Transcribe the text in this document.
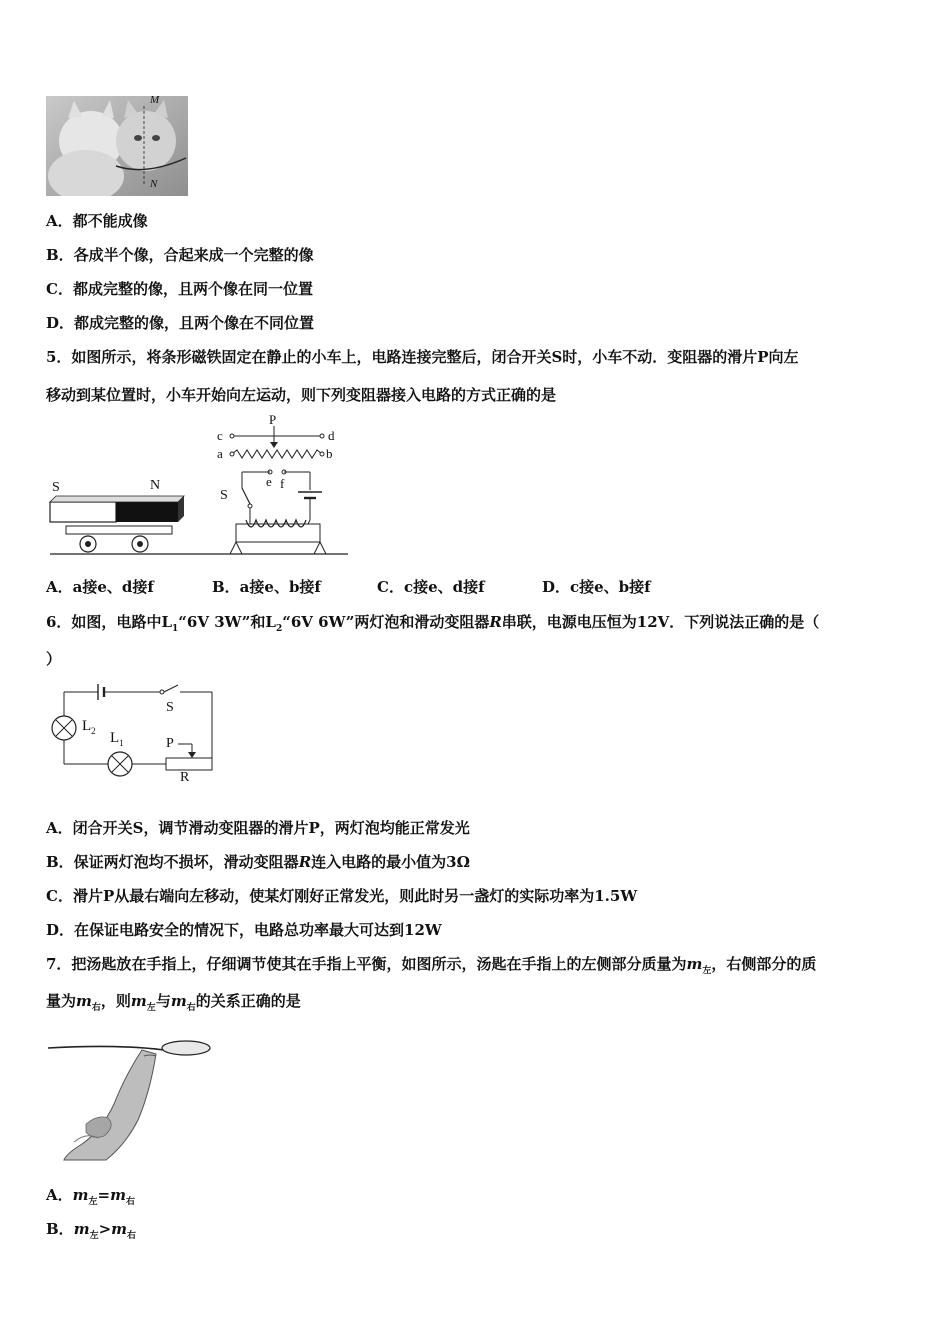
M
N
A．都不能成像
B．各成半个像，合起来成一个完整的像
C．都成完整的像，且两个像在同一位置
D．都成完整的像，且两个像在不同位置
5．如图所示，将条形磁铁固定在静止的小车上，电路连接完整后，闭合开关S时，小车不动．变阻器的滑片P向左
移动到某位置时，小车开始向左运动，则下列变阻器接入电路的方式正确的是
S	N
c	d
a	b
P
e f
S
A．a接e、d接f	B．a接e、b接f	C．c接e、d接f	D．c接e、b接f
6．如图，电路中$L_1“6V$ 3W”和$L_2“6V$ 6W”两灯泡和滑动变阻器R串联，电源电压恒为12V．下列说法正确的是（
）
$L_2$ $L_1$
S
P
R
A．闭合开关S，调节滑动变阻器的滑片P，两灯泡均能正常发光
B．保证两灯泡均不损坏，滑动变阻器R连入电路的最小值为3Ω
C．滑片P从最右端向左移动，使某灯刚好正常发光，则此时另一盏灯的实际功率为1.5W
D．在保证电路安全的情况下，电路总功率最大可达到12W
7．把汤匙放在手指上，仔细调节使其在手指上平衡，如图所示，汤匙在手指上的左侧部分质量为$m_左$，右侧部分的质
量为$m_右$，则$m_左$与$m_右$的关系正确的是
A．$m_左=m_右$
B．$m_左>m_右$
